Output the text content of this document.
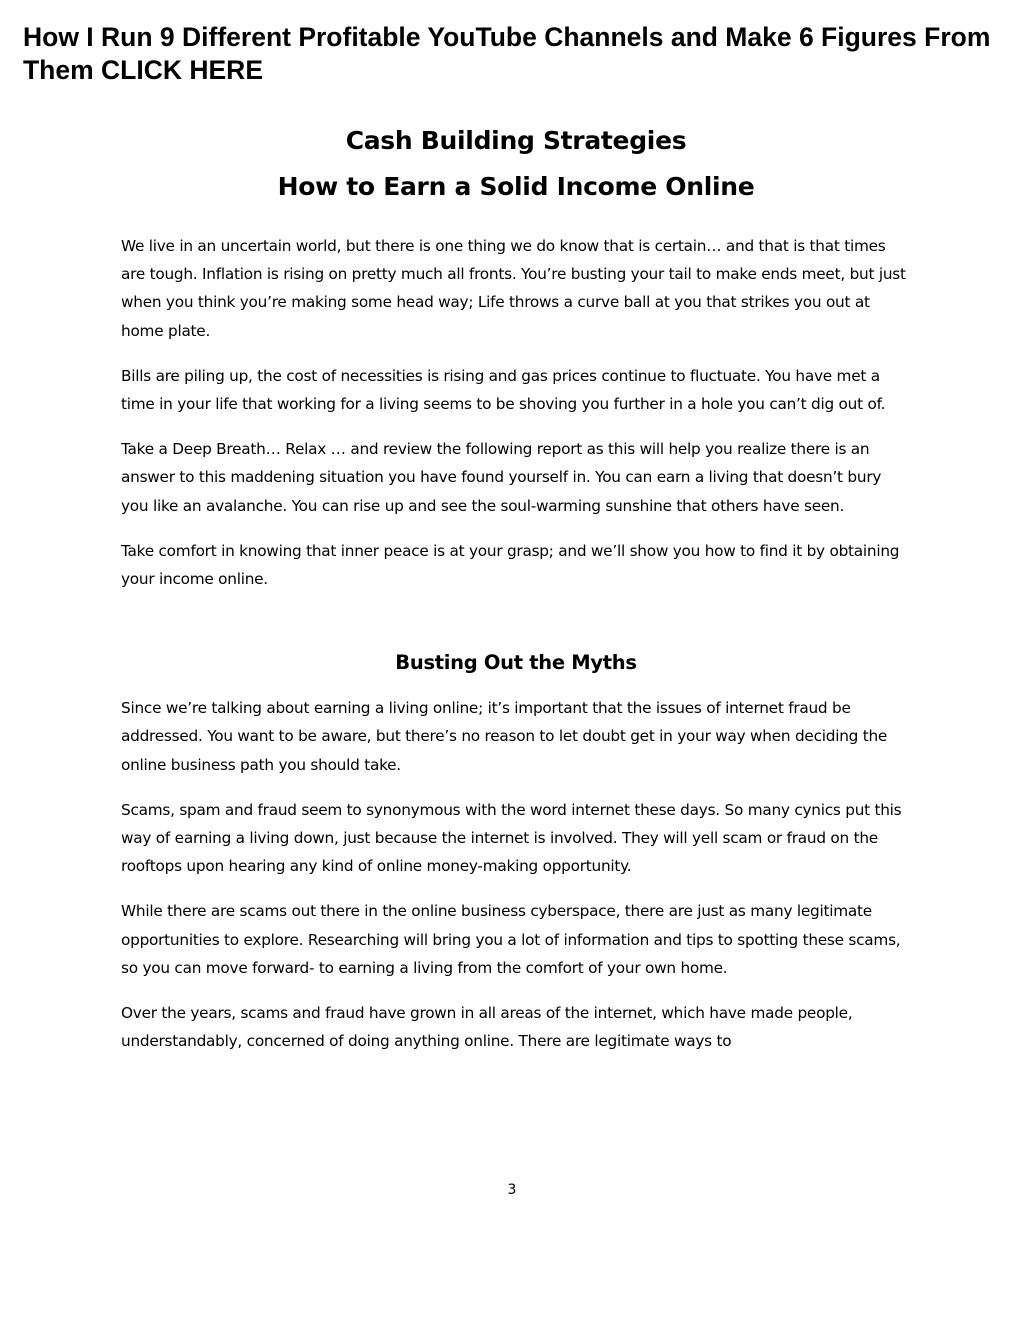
How I Run 9 Different Profitable YouTube Channels and Make 6 Figures From Them CLICK HERE
Cash Building Strategies
How to Earn a Solid Income Online

We live in an uncertain world, but there is one thing we do know that is certain… and that is that times are tough. Inflation is rising on pretty much all fronts. You’re busting your tail to make ends meet, but just when you think you’re making some head way; Life throws a curve ball at you that strikes you out at home plate.

Bills are piling up, the cost of necessities is rising and gas prices continue to fluctuate. You have met a time in your life that working for a living seems to be shoving you further in a hole you can’t dig out of.

Take a Deep Breath… Relax … and review the following report as this will help you realize there is an answer to this maddening situation you have found yourself in. You can earn a living that doesn’t bury you like an avalanche. You can rise up and see the soul-warming sunshine that others have seen.

Take comfort in knowing that inner peace is at your grasp; and we’ll show you how to find it by obtaining your income online.

Busting Out the Myths

Since we’re talking about earning a living online; it’s important that the issues of internet fraud be addressed. You want to be aware, but there’s no reason to let doubt get in your way when deciding the online business path you should take.

Scams, spam and fraud seem to synonymous with the word internet these days. So many cynics put this way of earning a living down, just because the internet is involved. They will yell scam or fraud on the rooftops upon hearing any kind of online money-making opportunity.

While there are scams out there in the online business cyberspace, there are just as many legitimate opportunities to explore. Researching will bring you a lot of information and tips to spotting these scams, so you can move forward- to earning a living from the comfort of your own home.

Over the years, scams and fraud have grown in all areas of the internet, which have made people, understandably, concerned of doing anything online. There are legitimate ways to

3
